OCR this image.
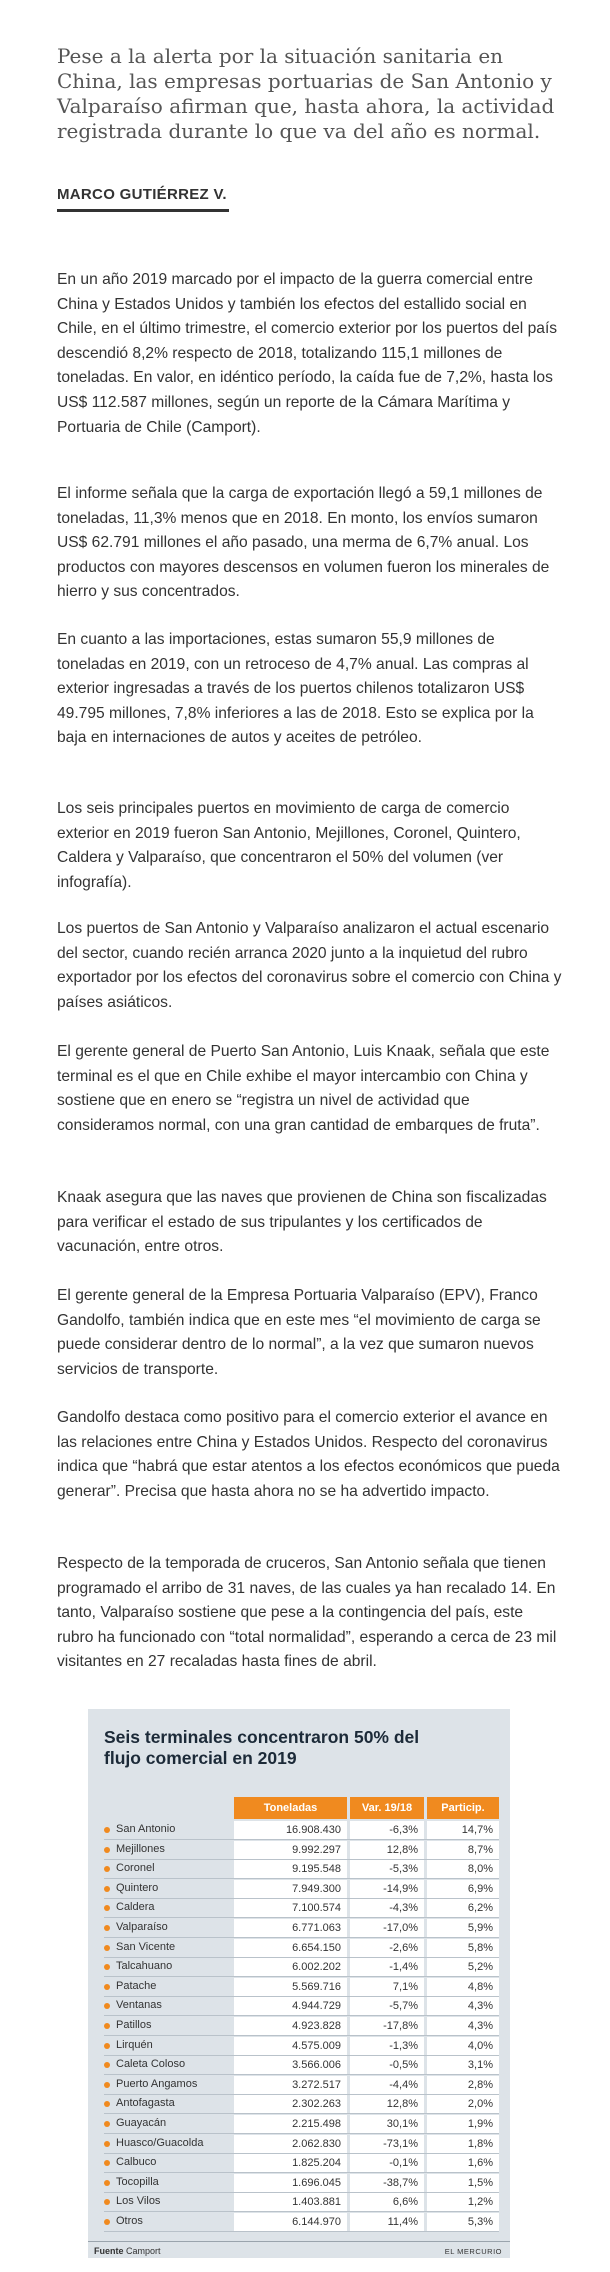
Pese a la alerta por la situación sanitaria en China, las empresas portuarias de San Antonio y Valparaíso afirman que, hasta ahora, la actividad registrada durante lo que va del año es normal.

MARCO GUTIÉRREZ V.

En un año 2019 marcado por el impacto de la guerra comercial entre China y Estados Unidos y también los efectos del estallido social en Chile, en el último trimestre, el comercio exterior por los puertos del país descendió 8,2% respecto de 2018, totalizando 115,1 millones de toneladas. En valor, en idéntico período, la caída fue de 7,2%, hasta los US$ 112.587 millones, según un reporte de la Cámara Marítima y Portuaria de Chile (Camport).

El informe señala que la carga de exportación llegó a 59,1 millones de toneladas, 11,3% menos que en 2018. En monto, los envíos sumaron US$ 62.791 millones el año pasado, una merma de 6,7% anual. Los productos con mayores descensos en volumen fueron los minerales de hierro y sus concentrados.

En cuanto a las importaciones, estas sumaron 55,9 millones de toneladas en 2019, con un retroceso de 4,7% anual. Las compras al exterior ingresadas a través de los puertos chilenos totalizaron US$ 49.795 millones, 7,8% inferiores a las de 2018. Esto se explica por la baja en internaciones de autos y aceites de petróleo.

Los seis principales puertos en movimiento de carga de comercio exterior en 2019 fueron San Antonio, Mejillones, Coronel, Quintero, Caldera y Valparaíso, que concentraron el 50% del volumen (ver infografía).

Los puertos de San Antonio y Valparaíso analizaron el actual escenario del sector, cuando recién arranca 2020 junto a la inquietud del rubro exportador por los efectos del coronavirus sobre el comercio con China y países asiáticos.

El gerente general de Puerto San Antonio, Luis Knaak, señala que este terminal es el que en Chile exhibe el mayor intercambio con China y sostiene que en enero se “registra un nivel de actividad que consideramos normal, con una gran cantidad de embarques de fruta”.

Knaak asegura que las naves que provienen de China son fiscalizadas para verificar el estado de sus tripulantes y los certificados de vacunación, entre otros.

El gerente general de la Empresa Portuaria Valparaíso (EPV), Franco Gandolfo, también indica que en este mes “el movimiento de carga se puede considerar dentro de lo normal”, a la vez que sumaron nuevos servicios de transporte.

Gandolfo destaca como positivo para el comercio exterior el avance en las relaciones entre China y Estados Unidos. Respecto del coronavirus indica que “habrá que estar atentos a los efectos económicos que pueda generar”. Precisa que hasta ahora no se ha advertido impacto.

Respecto de la temporada de cruceros, San Antonio señala que tienen programado el arribo de 31 naves, de las cuales ya han recalado 14. En tanto, Valparaíso sostiene que pese a la contingencia del país, este rubro ha funcionado con “total normalidad”, esperando a cerca de 23 mil visitantes en 27 recaladas hasta fines de abril.

Seis terminales concentraron 50% del flujo comercial en 2019

Toneladas	Var. 19/18	Particip.
San Antonio	16.908.430	-6,3%	14,7%
Mejillones	9.992.297	12,8%	8,7%
Coronel	9.195.548	-5,3%	8,0%
Quintero	7.949.300	-14,9%	6,9%
Caldera	7.100.574	-4,3%	6,2%
Valparaíso	6.771.063	-17,0%	5,9%
San Vicente	6.654.150	-2,6%	5,8%
Talcahuano	6.002.202	-1,4%	5,2%
Patache	5.569.716	7,1%	4,8%
Ventanas	4.944.729	-5,7%	4,3%
Patillos	4.923.828	-17,8%	4,3%
Lirquén	4.575.009	-1,3%	4,0%
Caleta Coloso	3.566.006	-0,5%	3,1%
Puerto Angamos	3.272.517	-4,4%	2,8%
Antofagasta	2.302.263	12,8%	2,0%
Guayacán	2.215.498	30,1%	1,9%
Huasco/Guacolda	2.062.830	-73,1%	1,8%
Calbuco	1.825.204	-0,1%	1,6%
Tocopilla	1.696.045	-38,7%	1,5%
Los Vilos	1.403.881	6,6%	1,2%
Otros	6.144.970	11,4%	5,3%
Fuente Camport	EL MERCURIO
